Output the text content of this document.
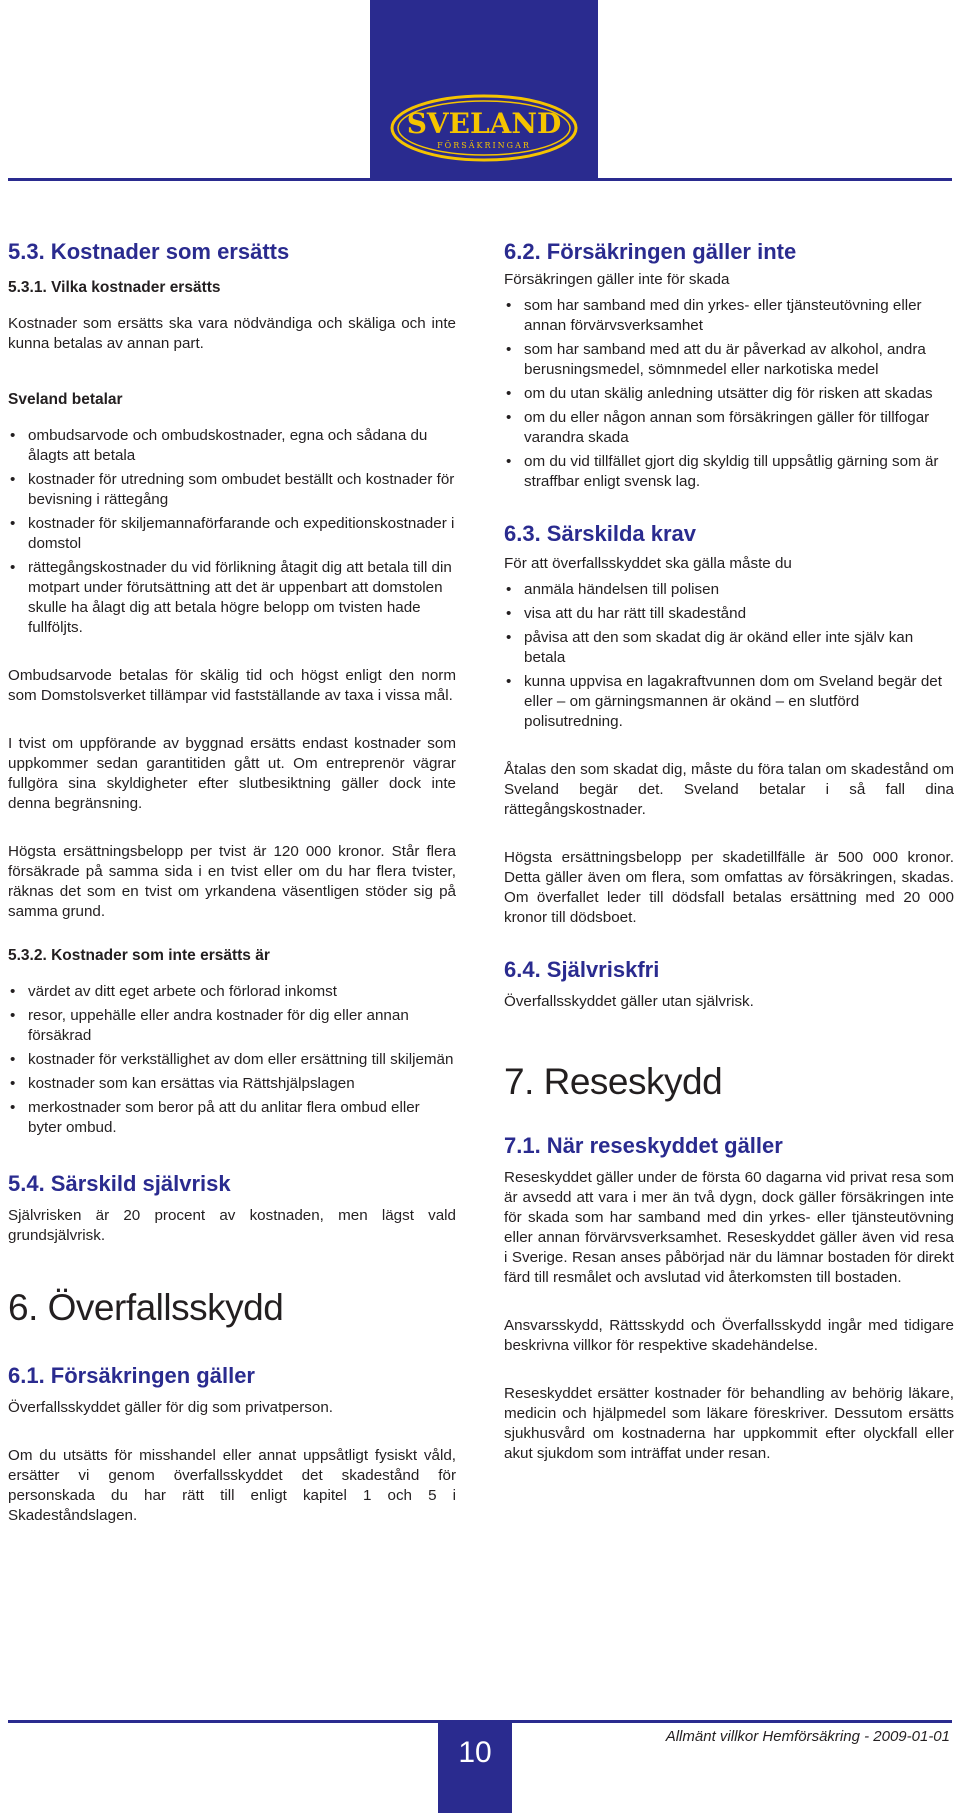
SVELAND
FÖRSÄKRINGAR
5.3. Kostnader som ersätts
5.3.1. Vilka kostnader ersätts

Kostnader som ersätts ska vara nödvändiga och skäliga och inte kunna betalas av annan part.

Sveland betalar
• ombudsarvode och ombudskostnader, egna och sådana du ålagts att betala
• kostnader för utredning som ombudet beställt och kostnader för bevisning i rättegång
• kostnader för skiljemannaförfarande och expeditionskostnader i domstol
• rättegångskostnader du vid förlikning åtagit dig att betala till din motpart under förutsättning att det är uppenbart att domstolen skulle ha ålagt dig att betala högre belopp om tvisten hade fullföljts.

Ombudsarvode betalas för skälig tid och högst enligt den norm som Domstolsverket tillämpar vid fastställande av taxa i vissa mål.

I tvist om uppförande av byggnad ersätts endast kostnader som uppkommer sedan garantitiden gått ut. Om entreprenör vägrar fullgöra sina skyldigheter efter slutbesiktning gäller dock inte denna begränsning.

Högsta ersättningsbelopp per tvist är 120 000 kronor. Står flera försäkrade på samma sida i en tvist eller om du har flera tvister, räknas det som en tvist om yrkandena väsentligen stöder sig på samma grund.

5.3.2. Kostnader som inte ersätts är
• värdet av ditt eget arbete och förlorad inkomst
• resor, uppehälle eller andra kostnader för dig eller annan försäkrad
• kostnader för verkställighet av dom eller ersättning till skiljemän
• kostnader som kan ersättas via Rättshjälpslagen
• merkostnader som beror på att du anlitar flera ombud eller byter ombud.
5.4. Särskild självrisk

Självrisken är 20 procent av kostnaden, men lägst vald grundsjälvrisk.

6. Överfallsskydd
6.1. Försäkringen gäller

Överfallsskyddet gäller för dig som privatperson.

Om du utsätts för misshandel eller annat uppsåtligt fysiskt våld, ersätter vi genom överfallsskyddet det skadestånd för personskada du har rätt till enligt kapitel 1 och 5 i Skadeståndslagen.

6.2. Försäkringen gäller inte

Försäkringen gäller inte för skada

• som har samband med din yrkes- eller tjänsteutövning eller annan förvärvsverksamhet
• som har samband med att du är påverkad av alkohol, andra berusningsmedel, sömnmedel eller narkotiska medel
• om du utan skälig anledning utsätter dig för risken att skadas
• om du eller någon annan som försäkringen gäller för tillfogar varandra skada
• om du vid tillfället gjort dig skyldig till uppsåtlig gärning som är straffbar enligt svensk lag.
6.3. Särskilda krav

För att överfallsskyddet ska gälla måste du

• anmäla händelsen till polisen
• visa att du har rätt till skadestånd
• påvisa att den som skadat dig är okänd eller inte själv kan betala
• kunna uppvisa en lagakraftvunnen dom om Sveland begär det eller – om gärningsmannen är okänd – en slutförd polisutredning.

Åtalas den som skadat dig, måste du föra talan om skadestånd om Sveland begär det. Sveland betalar i så fall dina rättegångskostnader.

Högsta ersättningsbelopp per skadetillfälle är 500 000 kronor. Detta gäller även om flera, som omfattas av försäkringen, skadas. Om överfallet leder till dödsfall betalas ersättning med 20 000 kronor till dödsboet.

6.4. Självriskfri

Överfallsskyddet gäller utan självrisk.

7. Reseskydd
7.1. När reseskyddet gäller

Reseskyddet gäller under de första 60 dagarna vid privat resa som är avsedd att vara i mer än två dygn, dock gäller försäkringen inte för skada som har samband med din yrkes- eller tjänsteutövning eller annan förvärvsverksamhet. Reseskyddet gäller även vid resa i Sverige. Resan anses påbörjad när du lämnar bostaden för direkt färd till resmålet och avslutad vid återkomsten till bostaden.

Ansvarsskydd, Rättsskydd och Överfallsskydd ingår med tidigare beskrivna villkor för respektive skadehändelse.

Reseskyddet ersätter kostnader för behandling av behörig läkare, medicin och hjälpmedel som läkare föreskriver. Dessutom ersätts sjukhusvård om kostnaderna har uppkommit efter olyckfall eller akut sjukdom som inträffat under resan.

10	Allmänt villkor Hemförsäkring - 2009-01-01
